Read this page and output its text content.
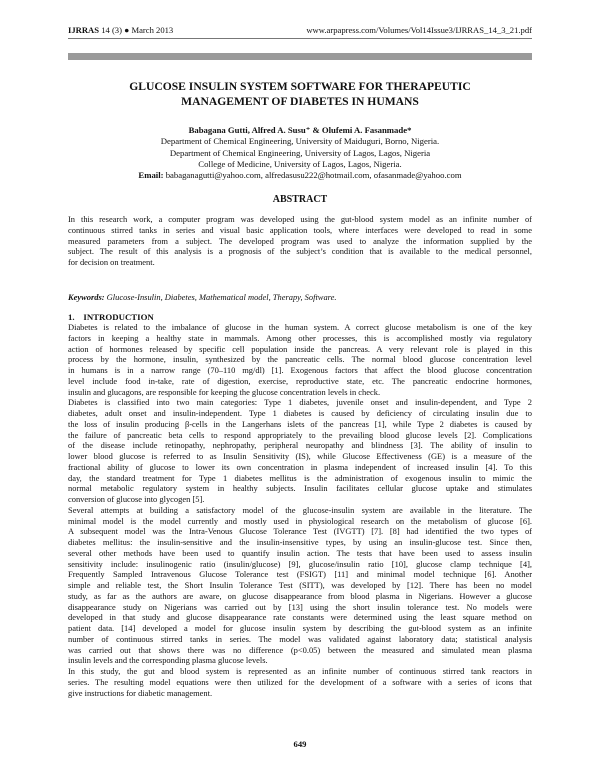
IJRRAS 14 (3) ● March 2013	www.arpapress.com/Volumes/Vol14Issue3/IJRRAS_14_3_21.pdf
GLUCOSE INSULIN SYSTEM SOFTWARE FOR THERAPEUTIC
MANAGEMENT OF DIABETES IN HUMANS
Babagana Gutti, Alfred A. Susu⁺ & Olufemi A. Fasanmade*
Department of Chemical Engineering, University of Maiduguri, Borno, Nigeria.
Department of Chemical Engineering, University of Lagos, Lagos, Nigeria
College of Medicine, University of Lagos, Lagos, Nigeria.
Email: babaganagutti@yahoo.com, alfredasusu222@hotmail.com, ofasanmade@yahoo.com
ABSTRACT
In this research work, a computer program was developed using the gut-blood system model as an infinite number of
continuous stirred tanks in series and visual basic application tools, where interfaces were developed to read in some
measured parameters from a subject. The developed program was used to analyze the information supplied by the
subject. The result of this analysis is a prognosis of the subject’s condition that is available to the medical personnel,
for decision on treatment.
Keywords: Glucose-Insulin, Diabetes, Mathematical model, Therapy, Software.
1. INTRODUCTION
Diabetes is related to the imbalance of glucose in the human system. A correct glucose metabolism is one of the key
factors in keeping a healthy state in mammals. Among other processes, this is accomplished mostly via regulatory
action of hormones released by specific cell population inside the pancreas. A very relevant role is played in this
process by the hormone, insulin, synthesized by the pancreatic cells. The normal blood glucose concentration level
in humans is in a narrow range (70–110 mg/dl) [1]. Exogenous factors that affect the blood glucose concentration
level include food in-take, rate of digestion, exercise, reproductive state, etc. The pancreatic endocrine hormones,
insulin and glucagons, are responsible for keeping the glucose concentration levels in check.
Diabetes is classified into two main categories: Type 1 diabetes, juvenile onset and insulin-dependent, and Type 2
diabetes, adult onset and insulin-independent. Type 1 diabetes is caused by deficiency of circulating insulin due to
the loss of insulin producing β-cells in the Langerhans islets of the pancreas [1], while Type 2 diabetes is caused by
the failure of pancreatic beta cells to respond appropriately to the prevailing blood glucose levels [2]. Complications
of the disease include retinopathy, nephropathy, peripheral neuropathy and blindness [3]. The ability of insulin to
lower blood glucose is referred to as Insulin Sensitivity (IS), while Glucose Effectiveness (GE) is a measure of the
fractional ability of glucose to lower its own concentration in plasma independent of increased insulin [4]. To this
day, the standard treatment for Type 1 diabetes mellitus is the administration of exogenous insulin to mimic the
normal metabolic regulatory system in healthy subjects. Insulin facilitates cellular glucose uptake and stimulates
conversion of glucose into glycogen [5].
Several attempts at building a satisfactory model of the glucose-insulin system are available in the literature. The
minimal model is the model currently and mostly used in physiological research on the metabolism of glucose [6].
A subsequent model was the Intra-Venous Glucose Tolerance Test (IVGTT) [7]. [8] had identified the two types of
diabetes mellitus: the insulin-sensitive and the insulin-insensitive types, by using an insulin-glucose test. Since then,
several other methods have been used to quantify insulin action. The tests that have been used to assess insulin
sensitivity include: insulinogenic ratio (insulin/glucose) [9], glucose/insulin ratio [10], glucose clamp technique [4],
Frequently Sampled Intravenous Glucose Tolerance test (FSIGT) [11] and minimal model technique [6]. Another
simple and reliable test, the Short Insulin Tolerance Test (SITT), was developed by [12]. There has been no model
study, as far as the authors are aware, on glucose disappearance from blood plasma in Nigerians. However a glucose
disappearance study on Nigerians was carried out by [13] using the short insulin tolerance test. No models were
developed in that study and glucose disappearance rate constants were determined using the least square method on
patient data. [14] developed a model for glucose insulin system by describing the gut-blood system as an infinite
number of continuous stirred tanks in series. The model was validated against laboratory data; statistical analysis
was carried out that shows there was no difference (p<0.05) between the measured and simulated mean plasma
insulin levels and the corresponding plasma glucose levels.
In this study, the gut and blood system is represented as an infinite number of continuous stirred tank reactors in
series. The resulting model equations were then utilized for the development of a software with a series of icons that
give instructions for diabetic management.
649
